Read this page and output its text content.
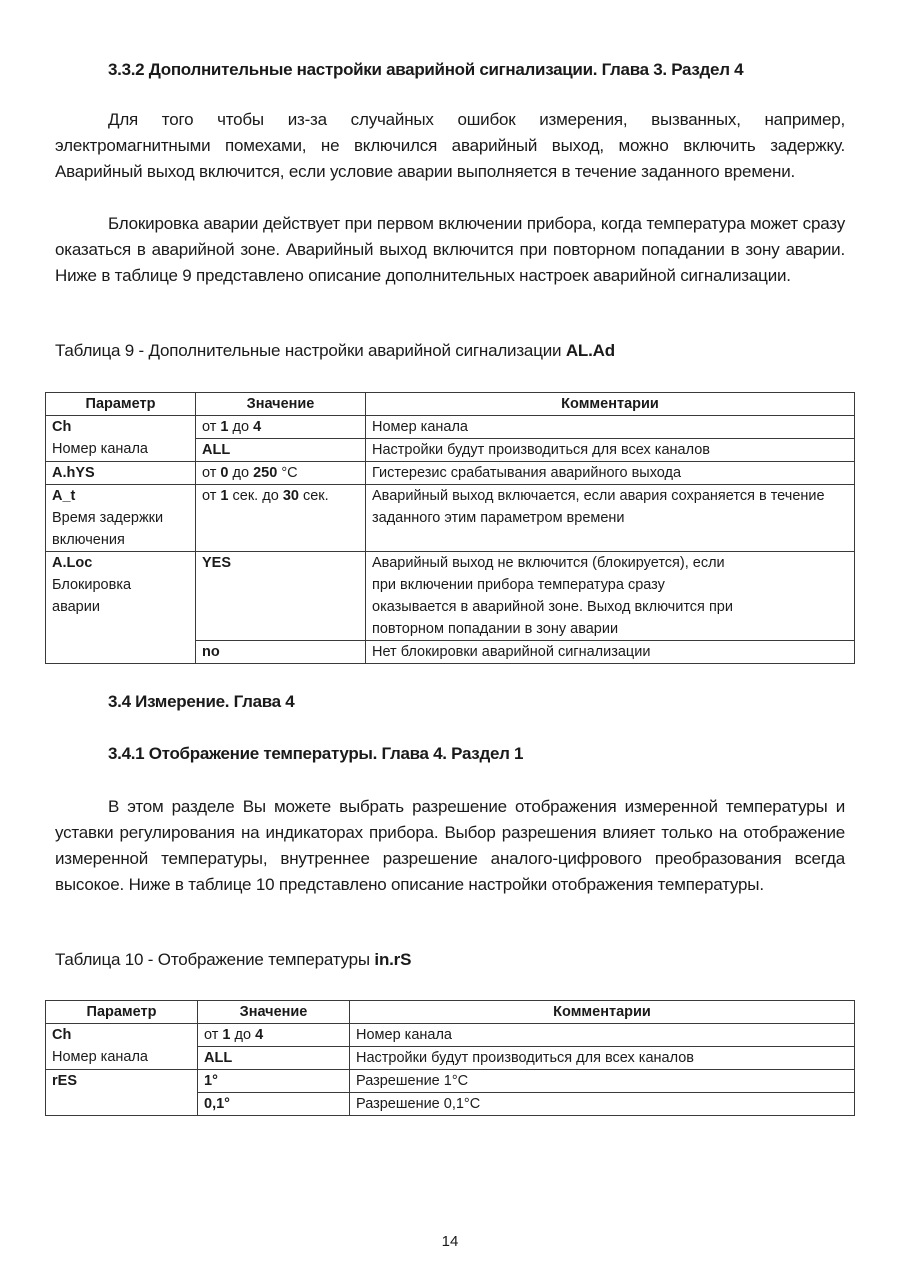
3.3.2 Дополнительные настройки аварийной сигнализации. Глава 3. Раздел 4
Для того чтобы из-за случайных ошибок измерения, вызванных, например, электромагнитными помехами, не включился аварийный выход, можно включить задержку. Аварийный выход включится, если условие аварии выполняется в течение заданного времени.
Блокировка аварии действует при первом включении прибора, когда температура может сразу оказаться в аварийной зоне. Аварийный выход включится при повторном попадании в зону аварии. Ниже в таблице 9 представлено описание дополнительных настроек аварийной сигнализации.
Таблица 9 - Дополнительные настройки аварийной сигнализации AL.Ad
Параметр	Значение	Комментарии

Ch
Номер канала	от 1 до 4	Номер канала
	ALL	Настройки будут производиться для всех каналов
A.hYS	от 0 до 250 °C	Гистерезис срабатывания аварийного выхода

A_t
Время задержки включения	от 1 сек. до 30 сек.	Аварийный выход включается, если авария сохраняется в течение заданного этим параметром времени

A.Loc
Блокировка аварии	YES	Аварийный выход не включится (блокируется), если при включении прибора температура сразу оказывается в аварийной зоне. Выход включится при повторном попадании в зону аварии
	no	Нет блокировки аварийной сигнализации
3.4 Измерение. Глава 4
3.4.1 Отображение температуры. Глава 4. Раздел 1
В этом разделе Вы можете выбрать разрешение отображения измеренной температуры и уставки регулирования на индикаторах прибора. Выбор разрешения влияет только на отображение измеренной температуры, внутреннее разрешение аналого-цифрового преобразования всегда высокое. Ниже в таблице 10 представлено описание настройки отображения температуры.
Таблица 10 - Отображение температуры in.rS
Параметр	Значение	Комментарии

Ch
Номер канала	от 1 до 4	Номер канала
	ALL	Настройки будут производиться для всех каналов
rES	1°	Разрешение 1°C
	0,1°	Разрешение 0,1°C
14
